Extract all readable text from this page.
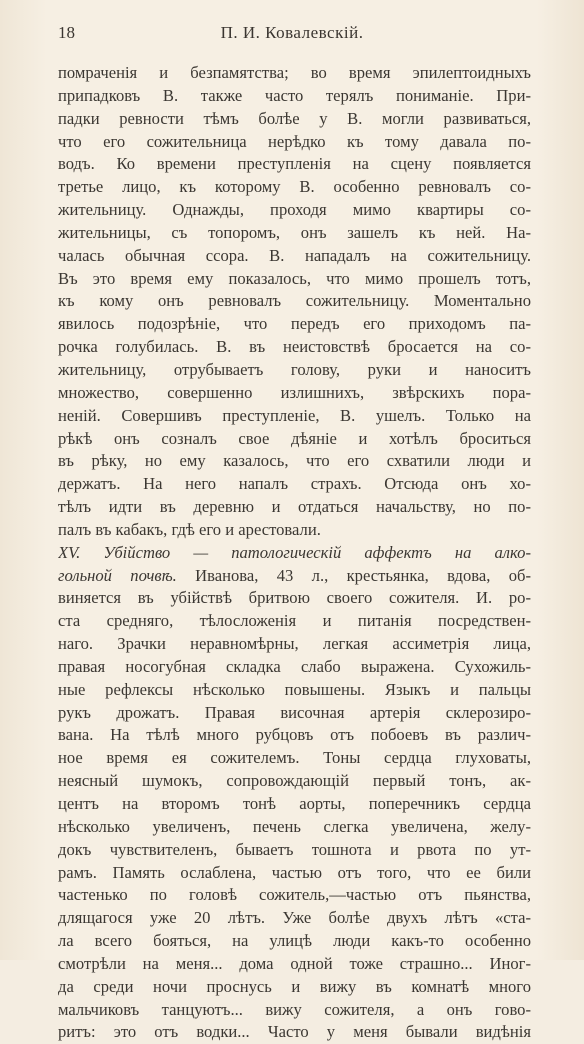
18	П. И. Ковалевскій.
помраченія и безпамятства; во время эпилептоидныхъ
припадковъ В. также часто терялъ пониманіе. При-
падки ревности тѣмъ болѣе у В. могли развиваться,
что его сожительница нерѣдко къ тому давала по-
водъ. Ко времени преступленія на сцену появляется
третье лицо, къ которому В. особенно ревновалъ со-
жительницу. Однажды, проходя мимо квартиры со-
жительницы, съ топоромъ, онъ зашелъ къ ней. На-
чалась обычная ссора. В. нападалъ на сожительницу.
Въ это время ему показалось, что мимо прошелъ тотъ,
къ кому онъ ревновалъ сожительницу. Моментально
явилось подозрѣніе, что передъ его приходомъ па-
рочка голубилась. В. въ неистовствѣ бросается на со-
жительницу, отрубываетъ голову, руки и наноситъ
множество, совершенно излишнихъ, звѣрскихъ пора-
неній. Совершивъ преступленіе, В. ушелъ. Только на
рѣкѣ онъ созналъ свое дѣяніе и хотѣлъ броситься
въ рѣку, но ему казалось, что его схватили люди и
держатъ. На него напалъ страхъ. Отсюда онъ хо-
тѣлъ идти въ деревню и отдаться начальству, но по-
палъ въ кабакъ, гдѣ его и арестовали.
XV. Убійство — патологическій аффектъ на алко-
гольной почвѣ. Иванова, 43 л., крестьянка, вдова, об-
виняется въ убійствѣ бритвою своего сожителя. И. ро-
ста средняго, тѣлосложенія и питанія посредствен-
наго. Зрачки неравномѣрны, легкая ассиметрія лица,
правая носогубная складка слабо выражена. Сухожиль-
ные рефлексы нѣсколько повышены. Языкъ и пальцы
рукъ дрожатъ. Правая височная артерія склерозиро-
вана. На тѣлѣ много рубцовъ отъ побоевъ въ различ-
ное время ея сожителемъ. Тоны сердца глуховаты,
неясный шумокъ, сопровождающій первый тонъ, ак-
центъ на второмъ тонѣ аорты, поперечникъ сердца
нѣсколько увеличенъ, печень слегка увеличена, желу-
докъ чувствителенъ, бываетъ тошнота и рвота по ут-
рамъ. Память ослаблена, частью отъ того, что ее били
частенько по головѣ сожитель,—частью отъ пьянства,
длящагося уже 20 лѣтъ. Уже болѣе двухъ лѣтъ «ста-
ла всего бояться, на улицѣ люди какъ-то особенно
смотрѣли на меня... дома одной тоже страшно... Иног-
да среди ночи проснусь и вижу въ комнатѣ много
мальчиковъ танцуютъ... вижу сожителя, а онъ гово-
ритъ: это отъ водки... Часто у меня бывали видѣнія
